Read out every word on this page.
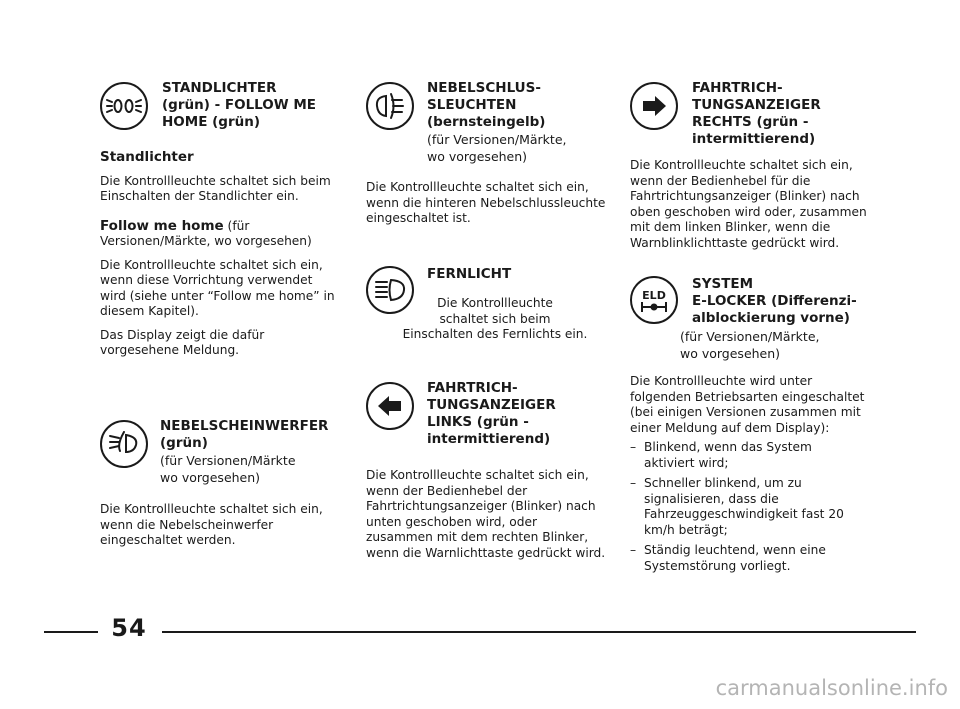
STANDLICHTER
(grün) - FOLLOW ME
HOME (grün)

Standlichter

Die Kontrollleuchte schaltet sich beim Einschalten der Standlichter ein.

Follow me home (für Versionen/Märkte, wo vorgesehen)

Die Kontrollleuchte schaltet sich ein, wenn diese Vorrichtung verwendet wird (siehe unter “Follow me home” in diesem Kapitel).

Das Display zeigt die dafür vorgesehene Meldung.

NEBELSCHEINWERFER
(grün)
(für Versionen/Märkte
wo vorgesehen)

Die Kontrollleuchte schaltet sich ein, wenn die Nebelscheinwerfer eingeschaltet werden.

NEBELSCHLUS-
SLEUCHTEN
(bernsteingelb)
(für Versionen/Märkte,
wo vorgesehen)

Die Kontrollleuchte schaltet sich ein, wenn die hinteren Nebelschlussleuchte eingeschaltet ist.

FERNLICHT
Die Kontrollleuchte
schaltet sich beim
Einschalten des Fernlichts ein.
FAHRTRICH-
TUNGSANZEIGER
LINKS (grün -
intermittierend)

Die Kontrollleuchte schaltet sich ein, wenn der Bedienhebel der Fahrtrichtungsanzeiger (Blinker) nach unten geschoben wird, oder zusammen mit dem rechten Blinker, wenn die Warnlichttaste gedrückt wird.

FAHRTRICH-
TUNGSANZEIGER
RECHTS (grün -
intermittierend)

Die Kontrollleuchte schaltet sich ein, wenn der Bedienhebel für die Fahrtrichtungsanzeiger (Blinker) nach oben geschoben wird oder, zusammen mit dem linken Blinker, wenn die Warnblinklichttaste gedrückt wird.

ELD
SYSTEM
E-LOCKER (Differenzi-
alblockierung vorne)
(für Versionen/Märkte,
wo vorgesehen)

Die Kontrollleuchte wird unter folgenden Betriebsarten eingeschaltet (bei einigen Versionen zusammen mit einer Meldung auf dem Display):

– Blinkend, wenn das System aktiviert wird;
– Schneller blinkend, um zu signalisieren, dass die Fahrzeuggeschwindigkeit fast 20 km/h beträgt;
– Ständig leuchtend, wenn eine Systemstörung vorliegt.
54
carmanualsonline.info
